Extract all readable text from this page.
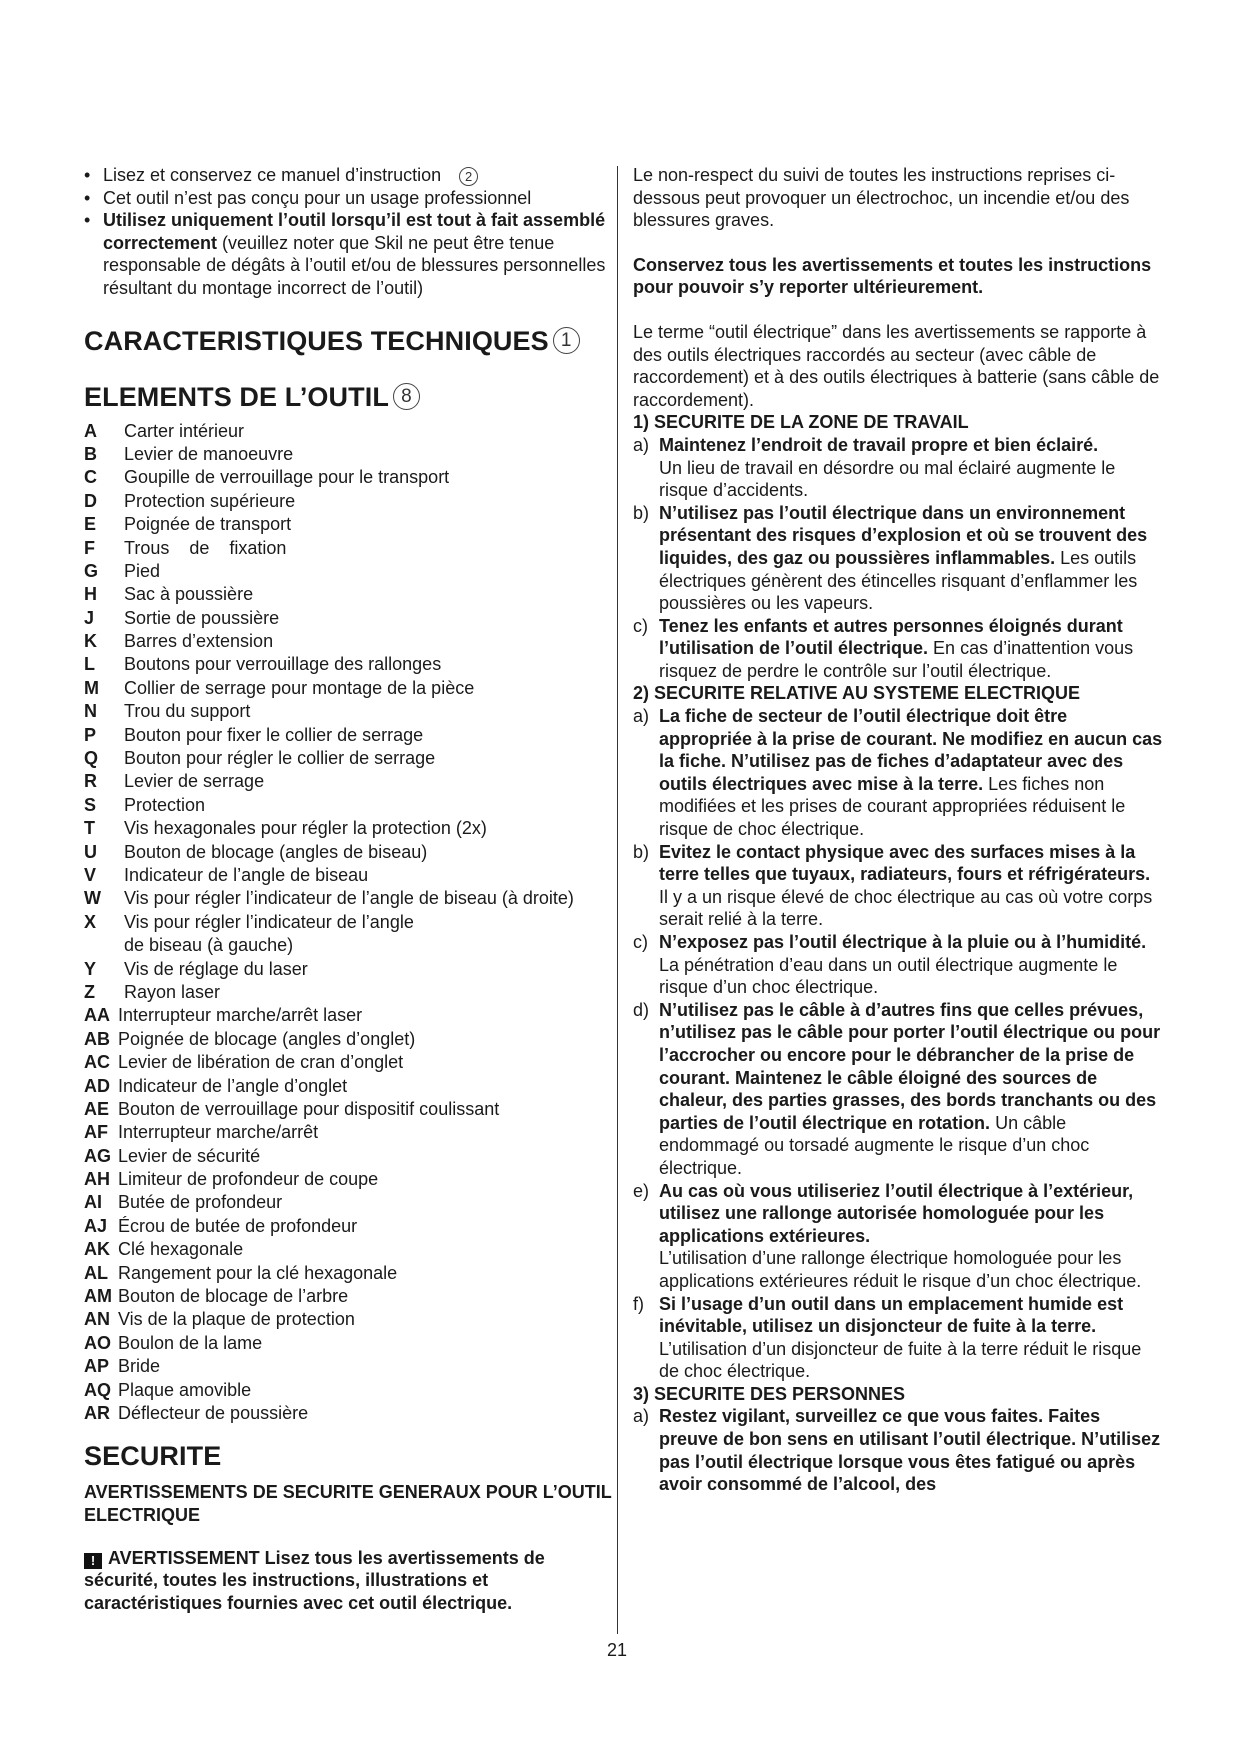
• Lisez et conservez ce manuel d’instruction 2
• Cet outil n’est pas conçu pour un usage professionnel
• Utilisez uniquement l’outil lorsqu’il est tout à fait assemblé correctement (veuillez noter que Skil ne peut être tenue responsable de dégâts à l’outil et/ou de blessures personnelles résultant du montage incorrect de l’outil)
CARACTERISTIQUES TECHNIQUES 1
ELEMENTS DE L’OUTIL 8
A	Carter intérieur
B	Levier de manoeuvre
C	Goupille de verrouillage pour le transport
D	Protection supérieure
E	Poignée de transport
F	Trous    de    fixation
G	Pied
H	Sac à poussière
J	Sortie de poussière
K	Barres d’extension
L	Boutons pour verrouillage des rallonges
M	Collier de serrage pour montage de la pièce
N	Trou du support
P	Bouton pour fixer le collier de serrage
Q	Bouton pour régler le collier de serrage
R	Levier de serrage
S	Protection
T	Vis hexagonales pour régler la protection (2x)
U	Bouton de blocage (angles de biseau)
V	Indicateur de l’angle de biseau
W	Vis pour régler l’indicateur de l’angle de biseau (à droite)
X	Vis pour régler l’indicateur de l’angle
de biseau (à gauche)
Y	Vis de réglage du laser
Z	Rayon laser
AA Interrupteur marche/arrêt laser
AB Poignée de blocage (angles d’onglet)
AC Levier de libération de cran d’onglet
AD Indicateur de l’angle d’onglet
AE Bouton de verrouillage pour dispositif coulissant
AF Interrupteur marche/arrêt
AG Levier de sécurité
AH Limiteur de profondeur de coupe
AI Butée de profondeur
AJ Écrou de butée de profondeur
AK Clé hexagonale
AL Rangement pour la clé hexagonale
AM Bouton de blocage de l’arbre
AN Vis de la plaque de protection
AO Boulon de la lame
AP Bride
AQ Plaque amovible
AR Déflecteur de poussière
SECURITE
AVERTISSEMENTS DE SECURITE GENERAUX POUR L’OUTIL ELECTRIQUE
! AVERTISSEMENT Lisez tous les avertissements de sécurité, toutes les instructions, illustrations et caractéristiques fournies avec cet outil électrique.

Le non-respect du suivi de toutes les instructions reprises ci-dessous peut provoquer un électrochoc, un incendie et/ou des blessures graves.

Conservez tous les avertissements et toutes les instructions pour pouvoir s’y reporter ultérieurement.

Le terme “outil électrique” dans les avertissements se rapporte à des outils électriques raccordés au secteur (avec câble de raccordement) et à des outils électriques à batterie (sans câble de raccordement).

1) SECURITE DE LA ZONE DE TRAVAIL
a) Maintenez l’endroit de travail propre et bien éclairé.
Un lieu de travail en désordre ou mal éclairé augmente le risque d’accidents.
b) N’utilisez pas l’outil électrique dans un environnement présentant des risques d’explosion et où se trouvent des liquides, des gaz ou poussières inflammables. Les outils électriques génèrent des étincelles risquant d’enflammer les poussières ou les vapeurs.
c) Tenez les enfants et autres personnes éloignés durant l’utilisation de l’outil électrique. En cas d’inattention vous risquez de perdre le contrôle sur l’outil électrique.
2) SECURITE RELATIVE AU SYSTEME ELECTRIQUE
a) La fiche de secteur de l’outil électrique doit être appropriée à la prise de courant. Ne modifiez en aucun cas la fiche. N’utilisez pas de fiches d’adaptateur avec des outils électriques avec mise à la terre. Les fiches non modifiées et les prises de courant appropriées réduisent le risque de choc électrique.
b) Evitez le contact physique avec des surfaces mises à la terre telles que tuyaux, radiateurs, fours et réfrigérateurs. Il y a un risque élevé de choc électrique au cas où votre corps serait relié à la terre.
c) N’exposez pas l’outil électrique à la pluie ou à l’humidité. La pénétration d’eau dans un outil électrique augmente le risque d’un choc électrique.
d) N’utilisez pas le câble à d’autres fins que celles prévues, n’utilisez pas le câble pour porter l’outil électrique ou pour l’accrocher ou encore pour le débrancher de la prise de courant. Maintenez le câble éloigné des sources de chaleur, des parties grasses, des bords tranchants ou des parties de l’outil électrique en rotation. Un câble endommagé ou torsadé augmente le risque d’un choc électrique.
e) Au cas où vous utiliseriez l’outil électrique à l’extérieur, utilisez une rallonge autorisée homologuée pour les applications extérieures.
L’utilisation d’une rallonge électrique homologuée pour les applications extérieures réduit le risque d’un choc électrique.
f) Si l’usage d’un outil dans un emplacement humide est inévitable, utilisez un disjoncteur de fuite à la terre. L’utilisation d’un disjoncteur de fuite à la terre réduit le risque de choc électrique.
3) SECURITE DES PERSONNES
a) Restez vigilant, surveillez ce que vous faites. Faites preuve de bon sens en utilisant l’outil électrique. N’utilisez pas l’outil électrique lorsque vous êtes fatigué ou après avoir consommé de l’alcool, des
21
